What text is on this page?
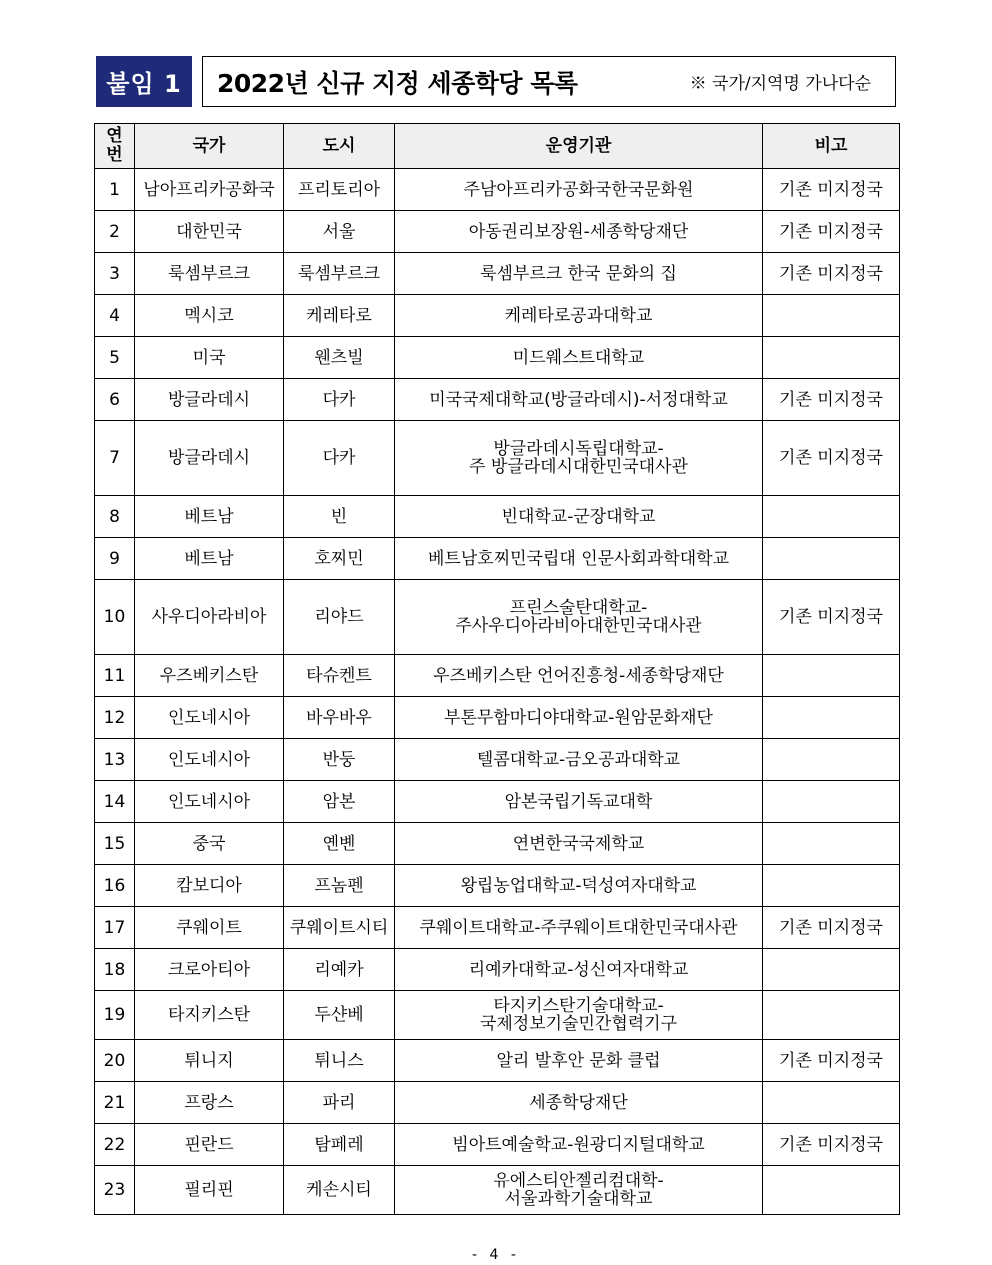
붙임 1	2022년 신규 지정 세종학당 목록	※ 국가/지역명 가나다순
연
번	국가	도시	운영기관	비고
1	남아프리카공화국	프리토리아	주남아프리카공화국한국문화원	기존 미지정국
2	대한민국	서울	아동권리보장원-세종학당재단	기존 미지정국
3	룩셈부르크	룩셈부르크	룩셈부르크 한국 문화의 집	기존 미지정국
4	멕시코	케레타로	케레타로공과대학교	

5	미국	웬츠빌	미드웨스트대학교	

6	방글라데시	다카	미국국제대학교(방글라데시)-서정대학교	기존 미지정국
7	방글라데시	다카	방글라데시독립대학교-
주 방글라데시대한민국대사관	기존 미지정국
8	베트남	빈	빈대학교-군장대학교	

9	베트남	호찌민	베트남호찌민국립대 인문사회과학대학교	

10	사우디아라비아	리야드	프린스술탄대학교-
주사우디아라비아대한민국대사관	기존 미지정국
11	우즈베키스탄	타슈켄트	우즈베키스탄 언어진흥청-세종학당재단	

12	인도네시아	바우바우	부톤무함마디야대학교-원암문화재단	

13	인도네시아	반둥	텔콤대학교-금오공과대학교	

14	인도네시아	암본	암본국립기독교대학	

15	중국	옌볜	연변한국국제학교	

16	캄보디아	프놈펜	왕립농업대학교-덕성여자대학교	

17	쿠웨이트	쿠웨이트시티	쿠웨이트대학교-주쿠웨이트대한민국대사관	기존 미지정국
18	크로아티아	리예카	리예카대학교-성신여자대학교	

19	타지키스탄	두샨베	타지키스탄기술대학교-
국제정보기술민간협력기구	

20	튀니지	튀니스	알리 발후안 문화 클럽	기존 미지정국
21	프랑스	파리	세종학당재단	

22	핀란드	탐페레	빔아트예술학교-원광디지털대학교	기존 미지정국
23	필리핀	케손시티	유에스티안젤리컴대학-
서울과학기술대학교	

- 4 -
